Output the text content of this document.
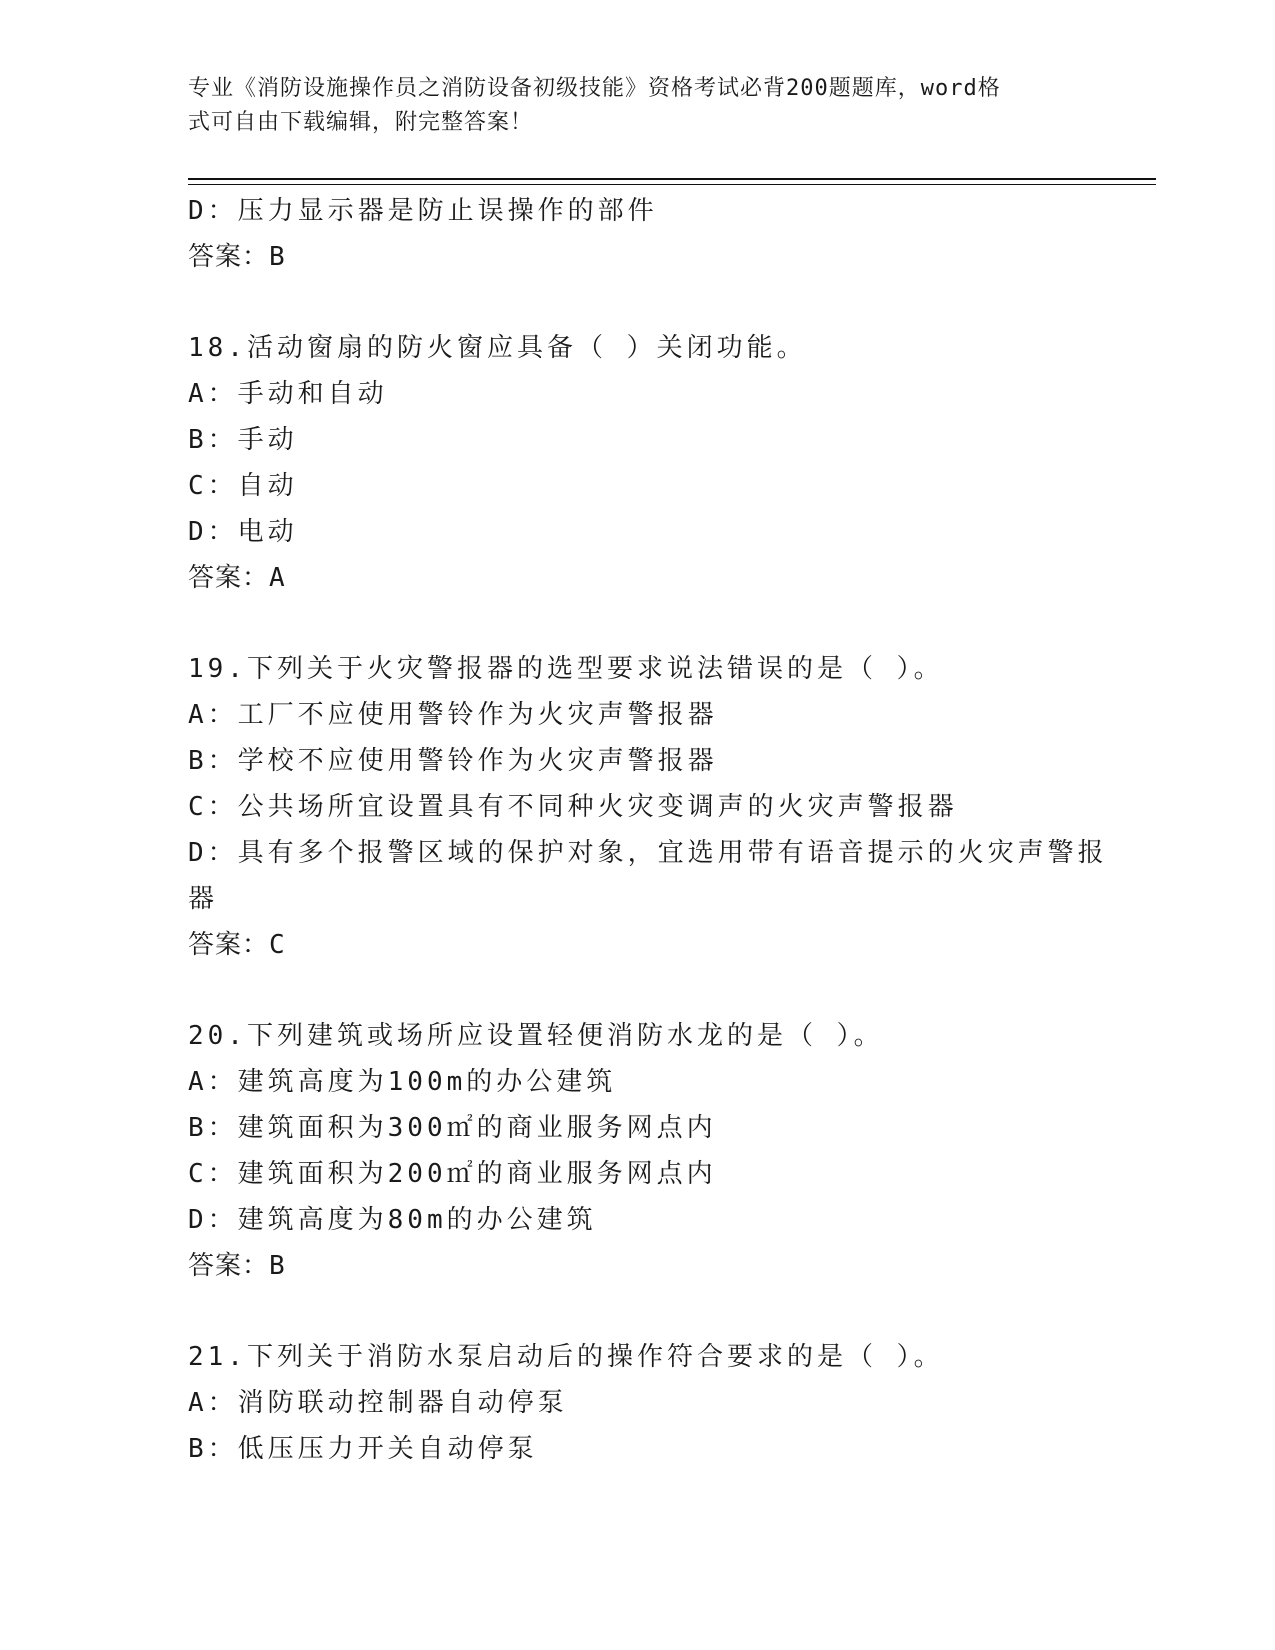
专业《消防设施操作员之消防设备初级技能》资格考试必背200题题库，word格
式可自由下载编辑，附完整答案！
D：压力显示器是防止误操作的部件
答案：B
18.活动窗扇的防火窗应具备（ ）关闭功能。
A：手动和自动
B：手动
C：自动
D：电动
答案：A
19.下列关于火灾警报器的选型要求说法错误的是（ ）。
A：工厂不应使用警铃作为火灾声警报器
B：学校不应使用警铃作为火灾声警报器
C：公共场所宜设置具有不同种火灾变调声的火灾声警报器
D：具有多个报警区域的保护对象，宜选用带有语音提示的火灾声警报
器
答案：C
20.下列建筑或场所应设置轻便消防水龙的是（ ）。
A：建筑高度为100m的办公建筑
B：建筑面积为300㎡的商业服务网点内
C：建筑面积为200㎡的商业服务网点内
D：建筑高度为80m的办公建筑
答案：B
21.下列关于消防水泵启动后的操作符合要求的是（ ）。
A：消防联动控制器自动停泵
B：低压压力开关自动停泵
